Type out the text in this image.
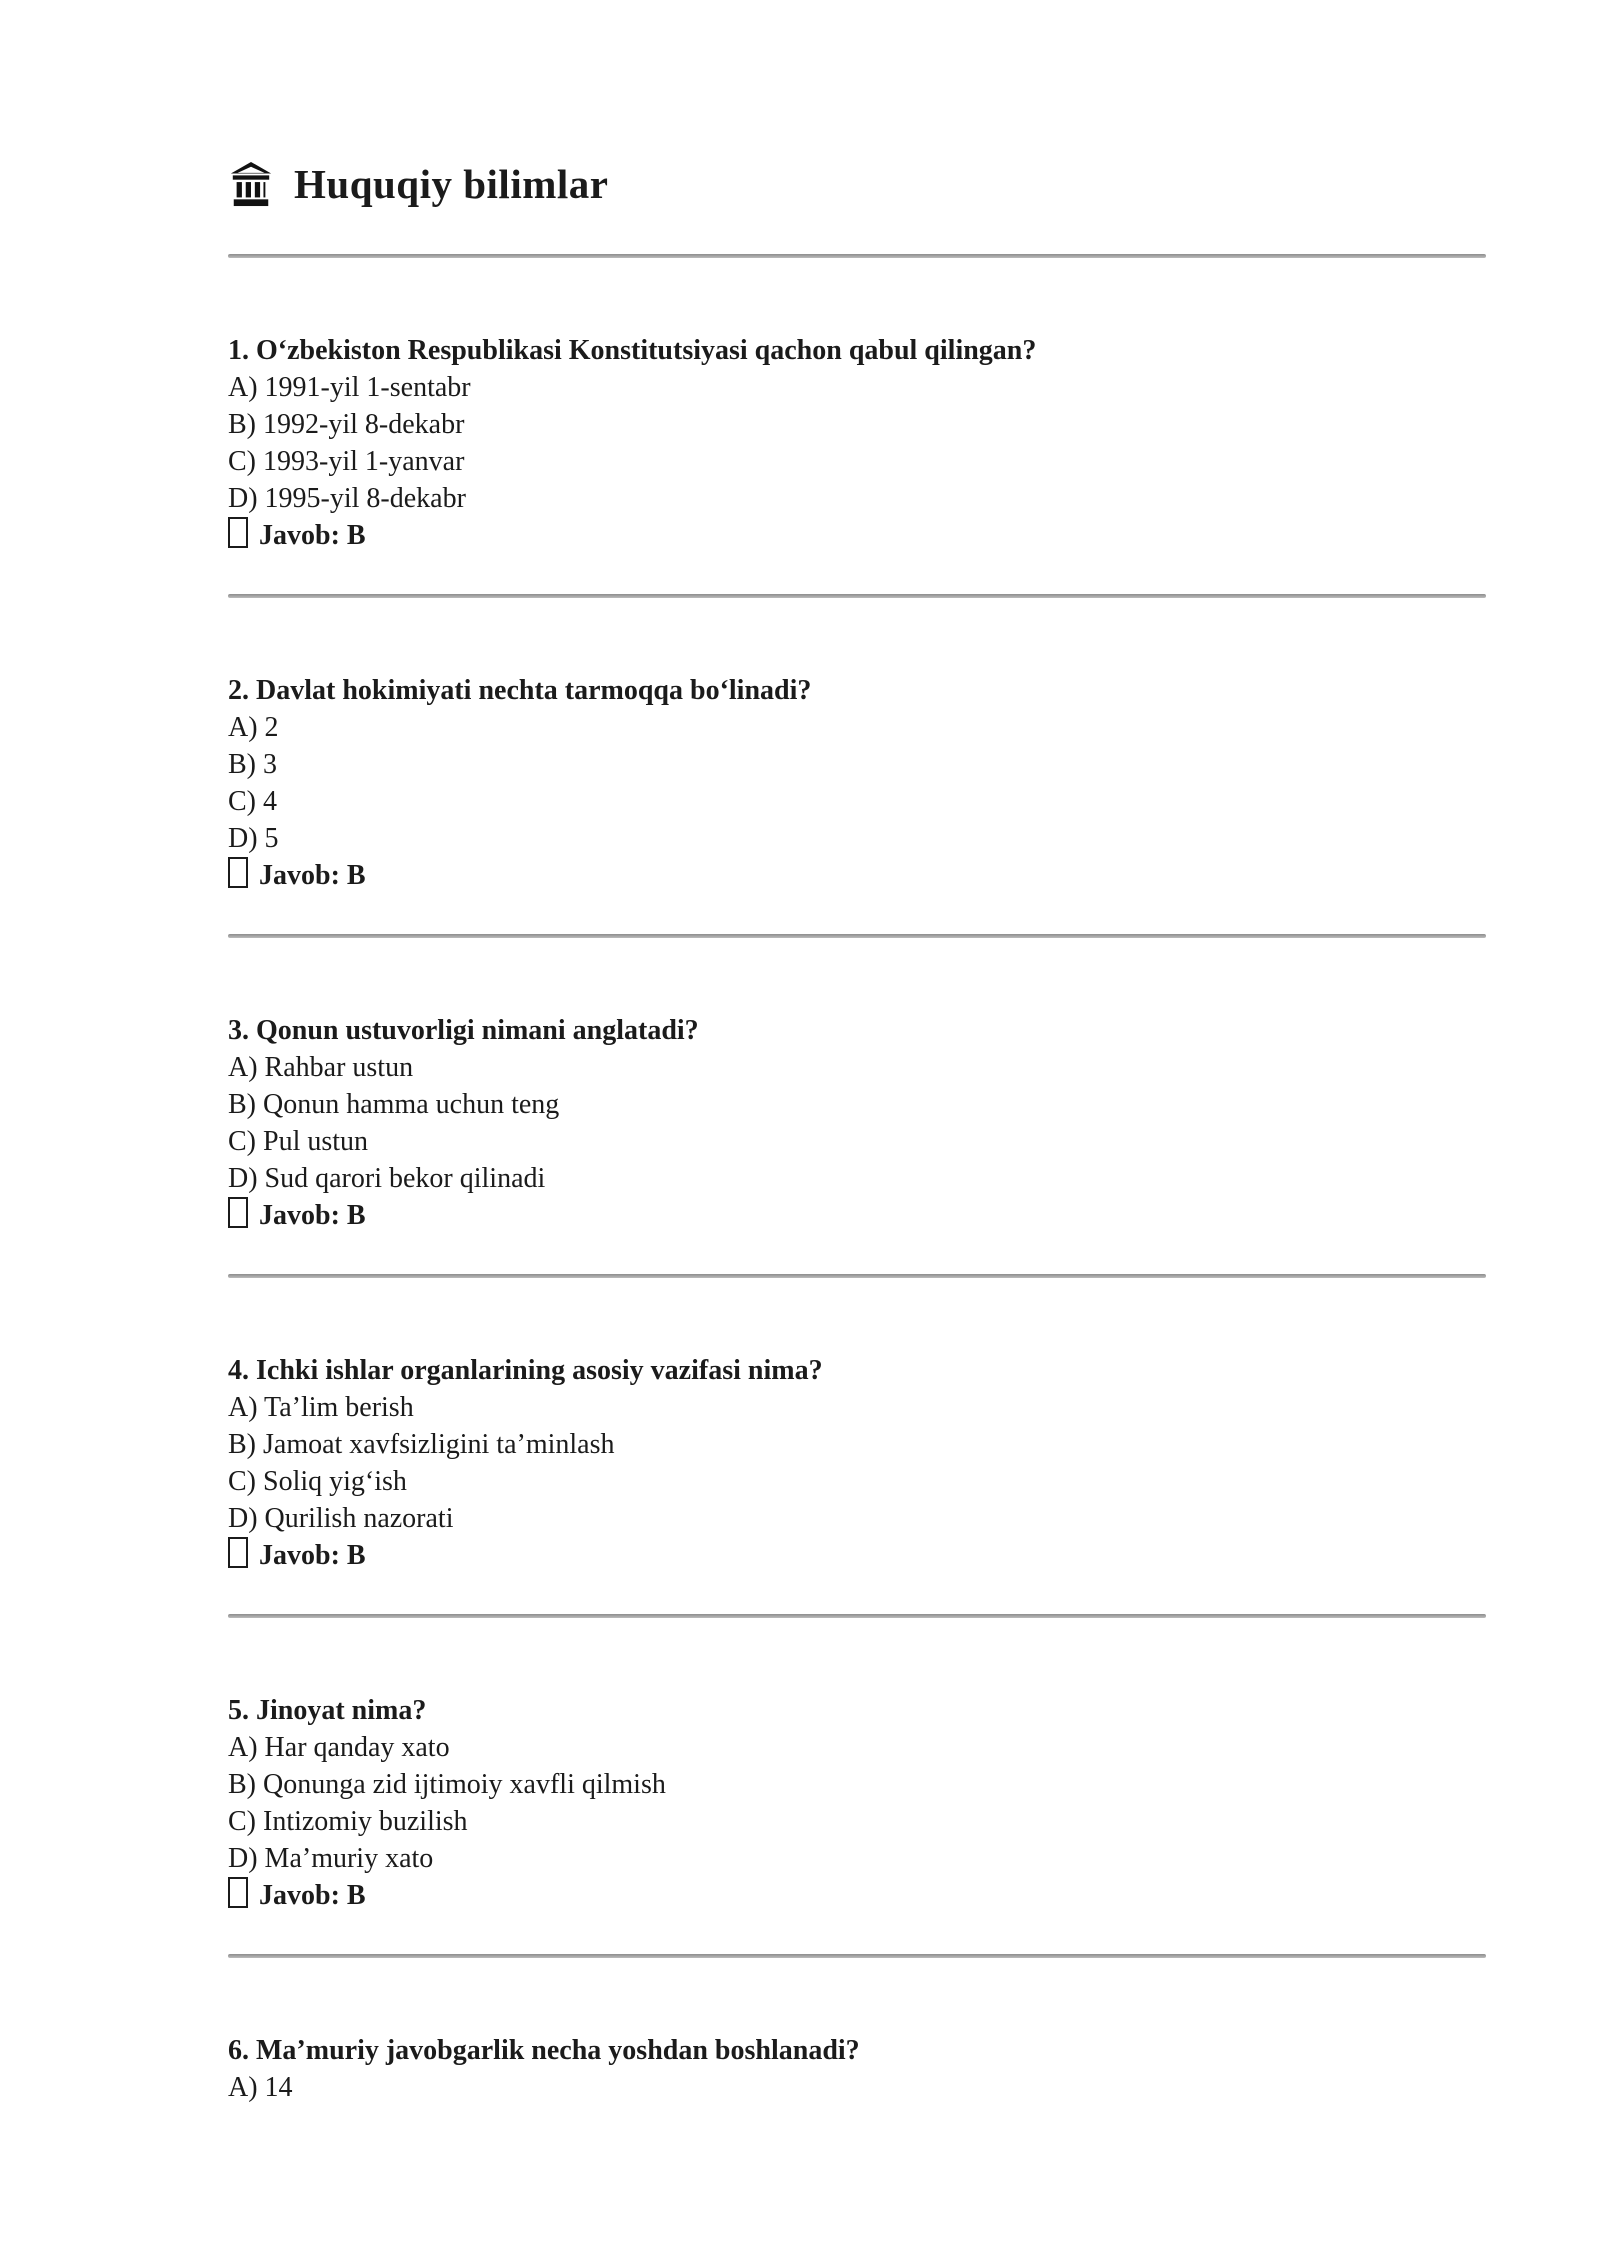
Huquqiy bilimlar

1. O‘zbekiston Respublikasi Konstitutsiyasi qachon qabul qilingan?

A) 1991-yil 1-sentabr

B) 1992-yil 8-dekabr

C) 1993-yil 1-yanvar

D) 1995-yil 8-dekabr

Javob: B

2. Davlat hokimiyati nechta tarmoqqa bo‘linadi?

A) 2

B) 3

C) 4

D) 5

Javob: B

3. Qonun ustuvorligi nimani anglatadi?

A) Rahbar ustun

B) Qonun hamma uchun teng

C) Pul ustun

D) Sud qarori bekor qilinadi

Javob: B

4. Ichki ishlar organlarining asosiy vazifasi nima?

A) Ta’lim berish

B) Jamoat xavfsizligini ta’minlash

C) Soliq yig‘ish

D) Qurilish nazorati

Javob: B

5. Jinoyat nima?

A) Har qanday xato

B) Qonunga zid ijtimoiy xavfli qilmish

C) Intizomiy buzilish

D) Ma’muriy xato

Javob: B

6. Ma’muriy javobgarlik necha yoshdan boshlanadi?

A) 14
